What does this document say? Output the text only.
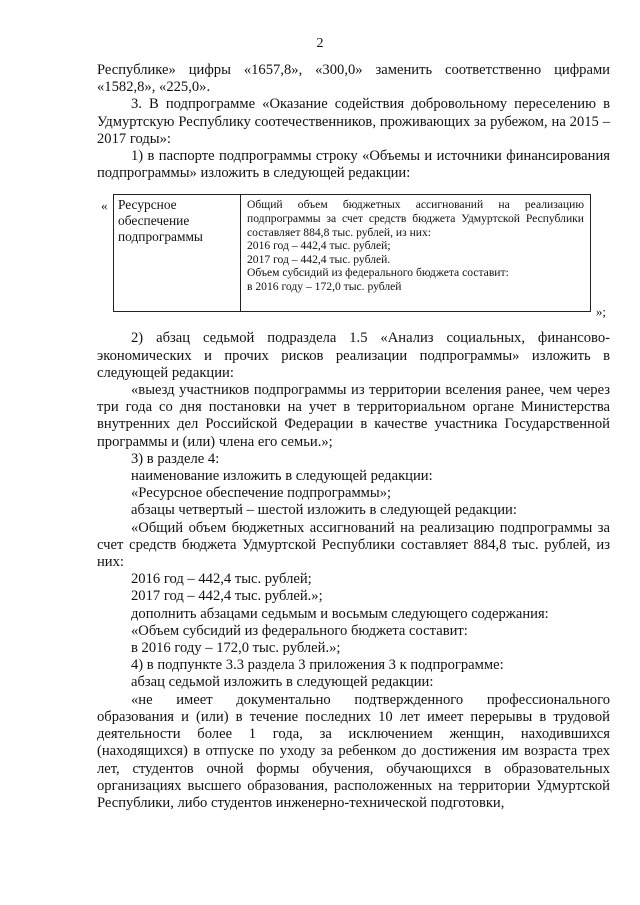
2

Республике» цифры «1657,8», «300,0» заменить соответственно цифрами «1582,8», «225,0».

3. В подпрограмме «Оказание содействия добровольному переселению в Удмуртскую Республику соотечественников, проживающих за рубежом, на 2015 – 2017 годы»:

1) в паспорте подпрограммы строку «Объемы и источники финансирования подпрограммы» изложить в следующей редакции:

« Ресурсное обеспечение подпрограммы

Общий объем бюджетных ассигнований на реализацию подпрограммы за счет средств бюджета Удмуртской Республики составляет 884,8 тыс. рублей, из них:

2016 год – 442,4 тыс. рублей;

2017 год – 442,4 тыс. рублей.

Объем субсидий из федерального бюджета составит:

в 2016 году – 172,0 тыс. рублей

»;

2) абзац седьмой подраздела 1.5 «Анализ социальных, финансово-экономических и прочих рисков реализации подпрограммы» изложить в следующей редакции:

«выезд участников подпрограммы из территории вселения ранее, чем через три года со дня постановки на учет в территориальном органе Министерства внутренних дел Российской Федерации в качестве участника Государственной программы и (или) члена его семьи.»;

3) в разделе 4:

наименование изложить в следующей редакции:

«Ресурсное обеспечение подпрограммы»;

абзацы четвертый – шестой изложить в следующей редакции:

«Общий объем бюджетных ассигнований на реализацию подпрограммы за счет средств бюджета Удмуртской Республики составляет 884,8 тыс. рублей, из них:

2016 год – 442,4 тыс. рублей;

2017 год – 442,4 тыс. рублей.»;

дополнить абзацами седьмым и восьмым следующего содержания:

«Объем субсидий из федерального бюджета составит:

в 2016 году – 172,0 тыс. рублей.»;

4) в подпункте 3.3 раздела 3 приложения 3 к подпрограмме:

абзац седьмой изложить в следующей редакции:

«не имеет документально подтвержденного профессионального образования и (или) в течение последних 10 лет имеет перерывы в трудовой деятельности более 1 года, за исключением женщин, находившихся (находящихся) в отпуске по уходу за ребенком до достижения им возраста трех лет, студентов очной формы обучения, обучающихся в образовательных организациях высшего образования, расположенных на территории Удмуртской Республики, либо студентов инженерно-технической подготовки,
